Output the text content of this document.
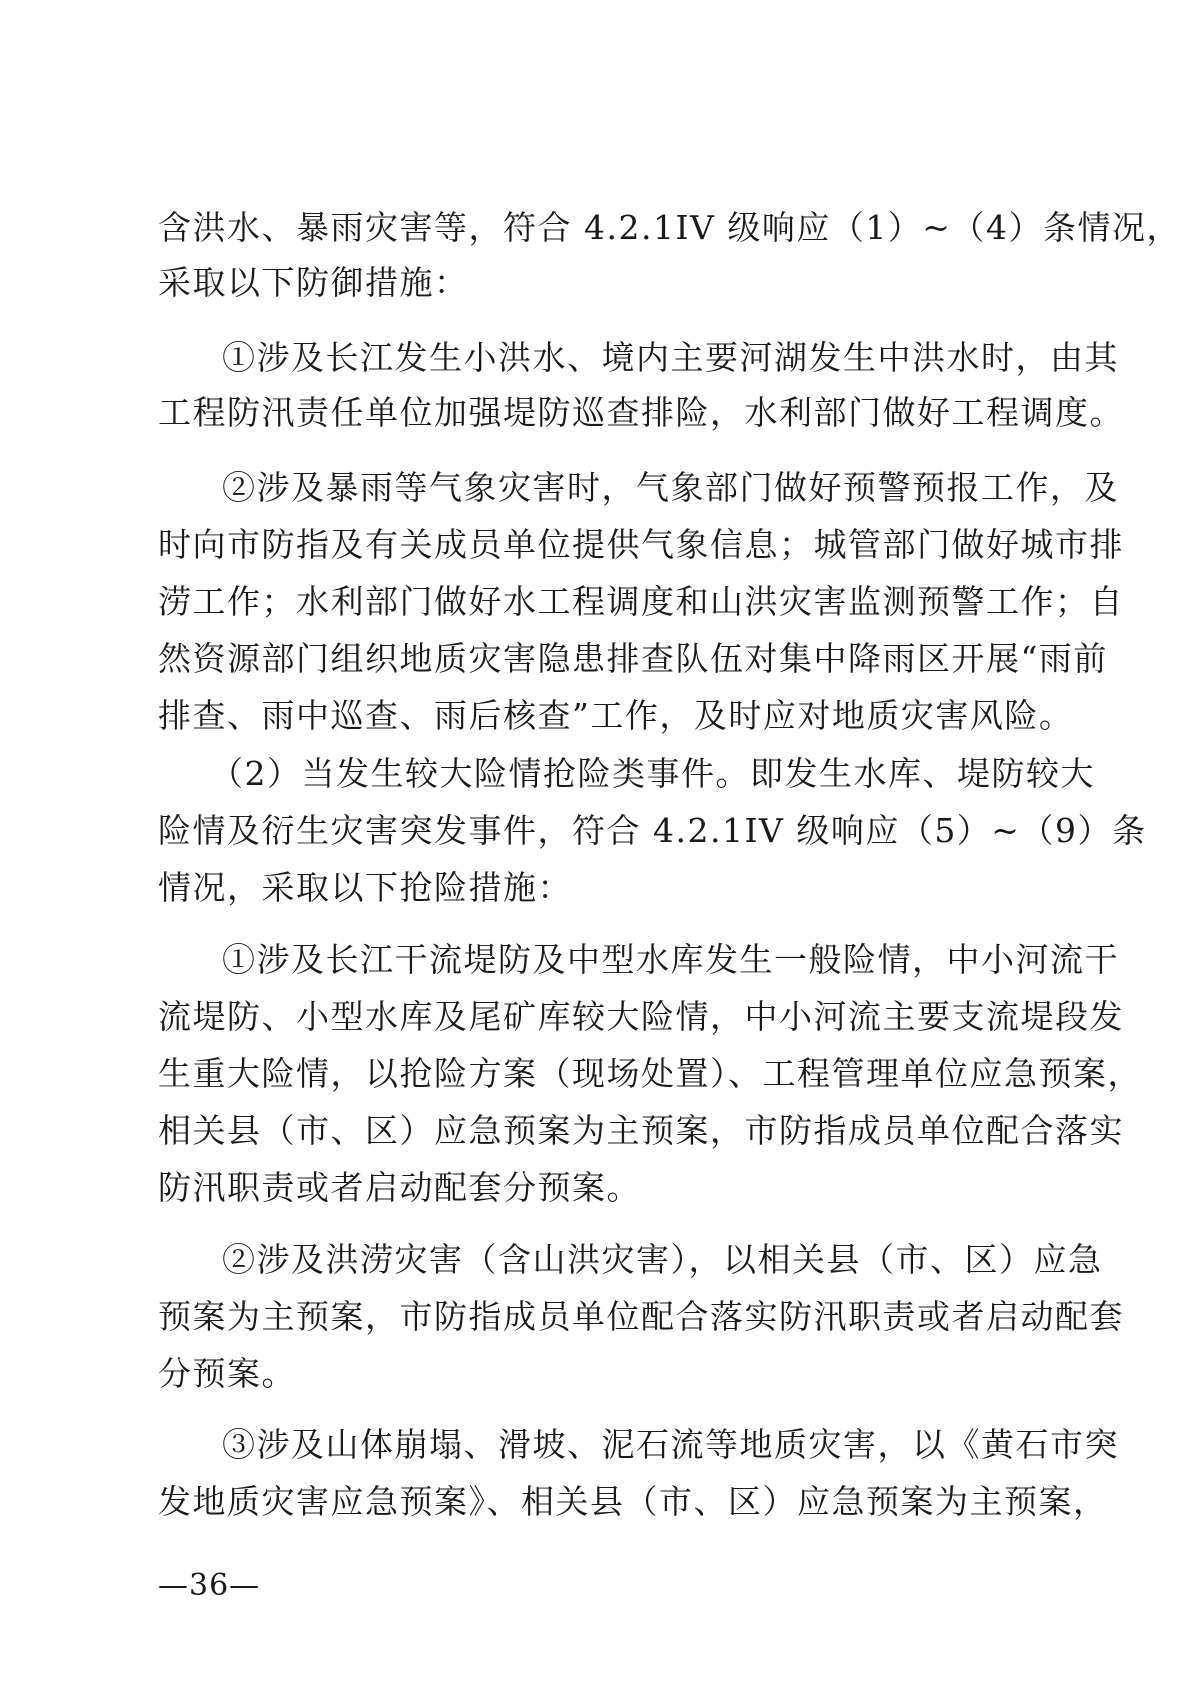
含洪水、暴雨灾害等，符合 4.2.1IV 级响应（1）~（4）条情况，
采取以下防御措施：
①涉及长江发生小洪水、境内主要河湖发生中洪水时，由其
工程防汛责任单位加强堤防巡查排险，水利部门做好工程调度。
②涉及暴雨等气象灾害时，气象部门做好预警预报工作，及
时向市防指及有关成员单位提供气象信息；城管部门做好城市排
涝工作；水利部门做好水工程调度和山洪灾害监测预警工作；自
然资源部门组织地质灾害隐患排查队伍对集中降雨区开展“雨前
排查、雨中巡查、雨后核查”工作，及时应对地质灾害风险。
（2）当发生较大险情抢险类事件。即发生水库、堤防较大
险情及衍生灾害突发事件，符合 4.2.1IV 级响应（5）~（9）条
情况，采取以下抢险措施：
①涉及长江干流堤防及中型水库发生一般险情，中小河流干
流堤防、小型水库及尾矿库较大险情，中小河流主要支流堤段发
生重大险情，以抢险方案（现场处置）、工程管理单位应急预案，
相关县（市、区）应急预案为主预案，市防指成员单位配合落实
防汛职责或者启动配套分预案。
②涉及洪涝灾害（含山洪灾害），以相关县（市、区）应急
预案为主预案，市防指成员单位配合落实防汛职责或者启动配套
分预案。
③涉及山体崩塌、滑坡、泥石流等地质灾害，以《黄石市突
发地质灾害应急预案》、相关县（市、区）应急预案为主预案，
—36—
